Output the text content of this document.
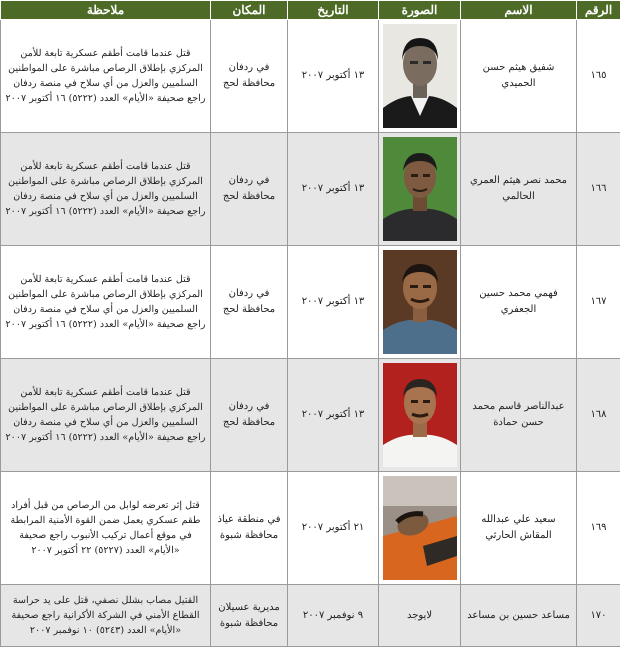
الرقم	الاسم	الصورة	التاريخ	المكان	ملاحظة
١٦٥	شفيق هيثم حسن الحميدي		١٣ أكتوبر ٢٠٠٧	في ردفان محافظة لحج	قتل عندما قامت أطقم عسكرية تابعة للأمن المركزي بإطلاق الرصاص مباشرة على المواطنين السلميين والعزل من أي سلاح في منصة ردفان راجع صحيفة «الأيام» العدد (٥٢٢٢) ١٦ أكتوبر ٢٠٠٧
١٦٦	محمد نصر هيثم العمري الحالمي		١٣ أكتوبر ٢٠٠٧	في ردفان محافظة لحج	قتل عندما قامت أطقم عسكرية تابعة للأمن المركزي بإطلاق الرصاص مباشرة على المواطنين السلميين والعزل من أي سلاح في منصة ردفان راجع صحيفة «الأيام» العدد (٥٢٢٢) ١٦ أكتوبر ٢٠٠٧
١٦٧	فهمي محمد حسين الجعفري		١٣ أكتوبر ٢٠٠٧	في ردفان محافظة لحج	قتل عندما قامت أطقم عسكرية تابعة للأمن المركزي بإطلاق الرصاص مباشرة على المواطنين السلميين والعزل من أي سلاح في منصة ردفان راجع صحيفة «الأيام» العدد (٥٢٢٢) ١٦ أكتوبر ٢٠٠٧
١٦٨	عبدالناصر قاسم محمد حسن حمادة		١٣ أكتوبر ٢٠٠٧	في ردفان محافظة لحج	قتل عندما قامت أطقم عسكرية تابعة للأمن المركزي بإطلاق الرصاص مباشرة على المواطنين السلميين والعزل من أي سلاح في منصة ردفان راجع صحيفة «الأيام» العدد (٥٢٢٢) ١٦ أكتوبر ٢٠٠٧
١٦٩	سعيد علي عبدالله المقاش الحارثي		٢١ أكتوبر ٢٠٠٧	في منطقة عياذ محافظة شبوة	قتل إثر تعرضه لوابل من الرصاص من قبل أفراد طقم عسكري يعمل ضمن القوة الأمنية المرابطة في موقع أعمال تركيب الأنبوب راجع صحيفة «الأيام» العدد (٥٢٢٧) ٢٢ أكتوبر ٢٠٠٧
١٧٠	مساعد حسين بن مساعد	لايوجد	٩ نوفمبر ٢٠٠٧	مديرية عسيلان محافظة شبوة	القتيل مصاب بشلل نصفي، قتل على يد حراسة القطاع الأمني في الشركة الأكرانية راجع صحيفة «الأيام» العدد (٥٢٤٣) ١٠ نوفمبر ٢٠٠٧
